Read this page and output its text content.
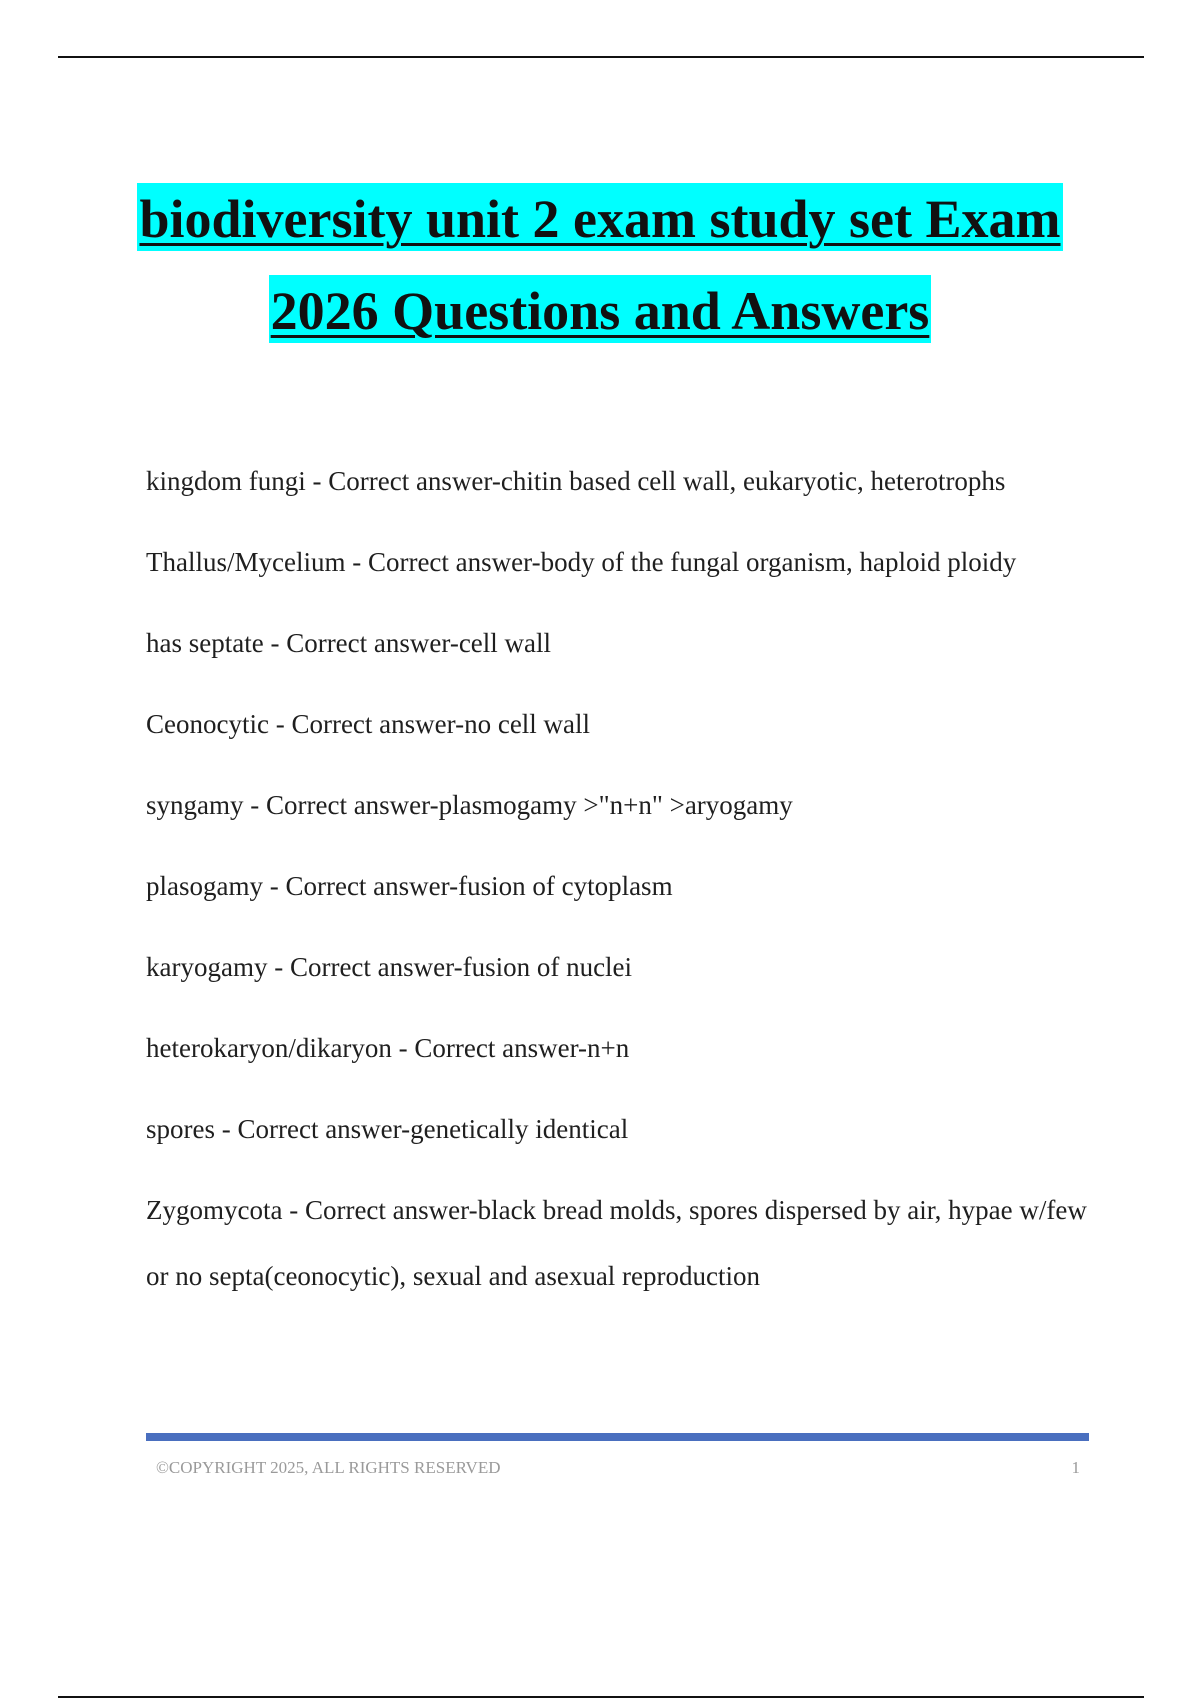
biodiversity unit 2 exam study set Exam
2026 Questions and Answers
kingdom fungi - Correct answer-chitin based cell wall, eukaryotic, heterotrophs
Thallus/Mycelium - Correct answer-body of the fungal organism, haploid ploidy
has septate - Correct answer-cell wall
Ceonocytic - Correct answer-no cell wall
syngamy - Correct answer-plasmogamy >"n+n" >aryogamy
plasogamy - Correct answer-fusion of cytoplasm
karyogamy - Correct answer-fusion of nuclei
heterokaryon/dikaryon - Correct answer-n+n
spores - Correct answer-genetically identical
Zygomycota - Correct answer-black bread molds, spores dispersed by air, hypae w/few or no septa(ceonocytic), sexual and asexual reproduction
©COPYRIGHT 2025, ALL RIGHTS RESERVED	1
